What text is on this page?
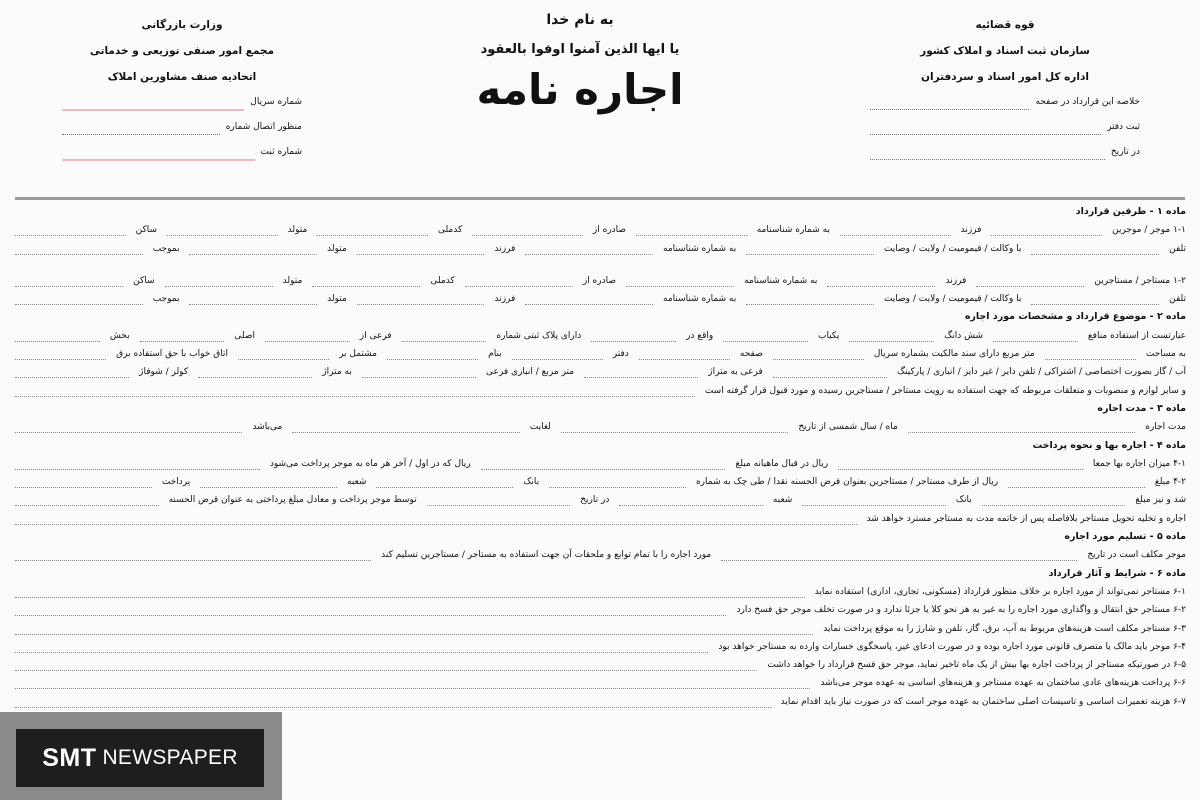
وزارت بازرگانی
مجمع امور صنفی توزیعی و خدماتی
اتحادیه صنف مشاورین املاک
شماره سریال
منظور اتصال شماره
شماره ثبت
به نام خدا
یا ایها الذین آمنوا اوفوا بالعقود
اجاره نامه
قوه قضائیه
سازمان ثبت اسناد و املاک کشور
اداره کل امور اسناد و سردفتران
خلاصه این قرارداد در صفحه
ثبت دفتر
در تاریخ
ماده ۱ - طرفین قرارداد
۱-۱ موجر / موجرین
فرزند
به شماره شناسنامه
صادره از
کدملی
متولد
ساکن
تلفن
با وکالت / قیمومیت / ولایت / وصایت
به شماره شناسنامه
فرزند
متولد
بموجب
۱-۲ مستاجر / مستاجرین
فرزند
به شماره شناسنامه
صادره از
کدملی
متولد
ساکن
تلفن
با وکالت / قیمومیت / ولایت / وصایت
به شماره شناسنامه
فرزند
متولد
بموجب
ماده ۲ - موضوع قرارداد و مشخصات مورد اجاره
عبارتست از استفاده منافع
شش دانگ
یکباب
واقع در
دارای پلاک ثبتی شماره
فرعی از
اصلی
بخش
به مساحت
متر مربع دارای سند مالکیت بشماره سریال
صفحه
دفتر
بنام
مشتمل بر
اتاق خواب با حق استفاده برق
آب / گاز بصورت اختصاصی / اشتراکی / تلفن دایر / غیر دایر / انباری / پارکینگ
فرعی به متراژ
متر مربع / انباری فرعی
به متراژ
کولر / شوفاژ
و سایر لوازم و منصوبات و متعلقات مربوطه که جهت استفاده به رویت مستاجر / مستاجرین رسیده و مورد قبول قرار گرفته است
ماده ۳ - مدت اجاره
مدت اجاره
ماه / سال شمسی از تاریخ
لغایت
می‌باشد
ماده ۴ - اجاره بها و نحوه پرداخت
۴-۱ میزان اجاره بها جمعا
ریال در قبال ماهیانه مبلغ
ریال که در اول / آخر هر ماه به موجر پرداخت می‌شود
۴-۲ مبلغ
ریال از طرف مستاجر / مستاجرین بعنوان قرض الحسنه نقدا / طی چک به شماره
بانک
شعبه
پرداخت
شد و نیز مبلغ
بانک
شعبه
در تاریخ
توسط موجر پرداخت و معادل مبلغ پرداختی به عنوان قرض الحسنه
اجاره و تخلیه تحویل مستاجر بلافاصله پس از خاتمه مدت به مستاجر مسترد خواهد شد
ماده ۵ - تسلیم مورد اجاره
موجر مکلف است در تاریخ
مورد اجاره را با تمام توابع و ملحقات آن جهت استفاده به مستاجر / مستاجرین تسلیم کند
ماده ۶ - شرایط و آثار قرارداد
۶-۱ مستاجر نمی‌تواند از مورد اجاره بر خلاف منظور قرارداد (مسکونی، تجاری، اداری) استفاده نماید
۶-۲ مستاجر حق انتقال و واگذاری مورد اجاره را به غیر به هر نحو کلا یا جزئا ندارد و در صورت تخلف موجر حق فسخ دارد
۶-۳ مستاجر مکلف است هزینه‌های مربوط به آب، برق، گاز، تلفن و شارژ را به موقع پرداخت نماید
۶-۴ موجر باید مالک یا متصرف قانونی مورد اجاره بوده و در صورت ادعای غیر، پاسخگوی خسارات وارده به مستاجر خواهد بود
۶-۵ در صورتیکه مستاجر از پرداخت اجاره بها بیش از یک ماه تاخیر نماید، موجر حق فسخ قرارداد را خواهد داشت
۶-۶ پرداخت هزینه‌های عادی ساختمان به عهده مستاجر و هزینه‌های اساسی به عهده موجر می‌باشد
۶-۷ هزینه تعمیرات اساسی و تاسیسات اصلی ساختمان به عهده موجر است که در صورت نیاز باید اقدام نماید
SMT NEWSPAPER
